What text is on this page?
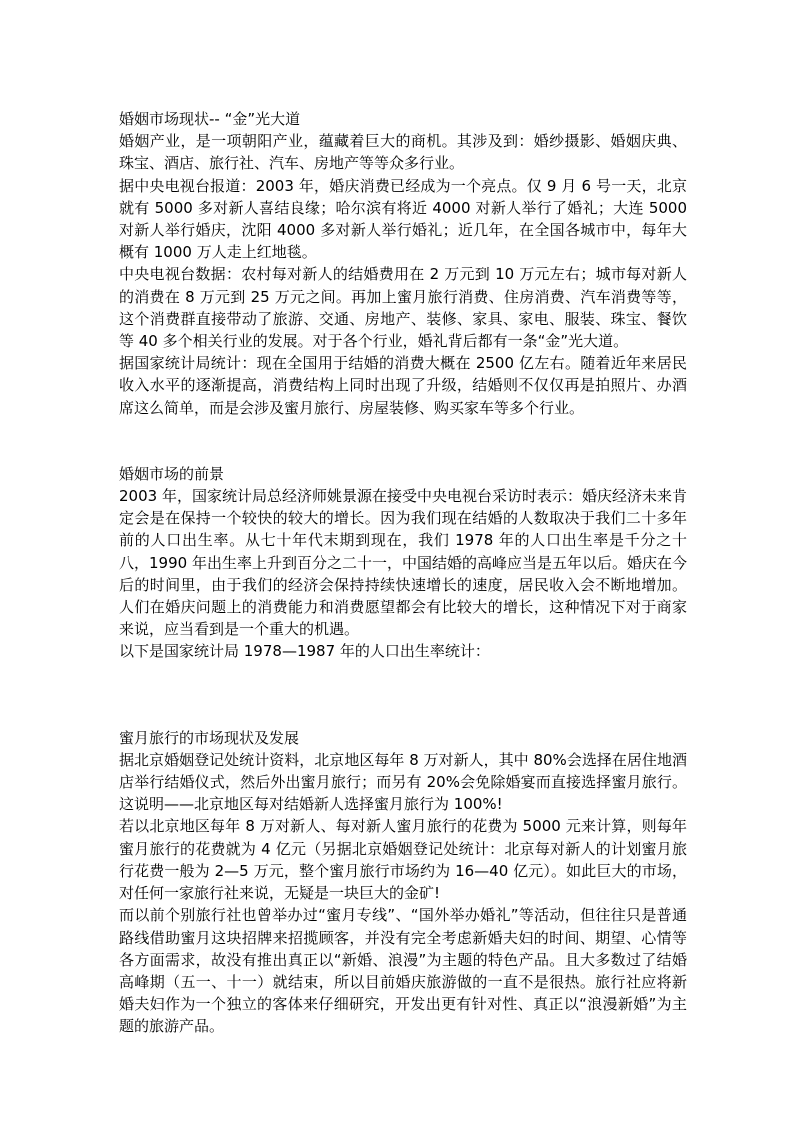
婚姻市场现状-- “金”光大道

婚姻产业，是一项朝阳产业，蕴藏着巨大的商机。其涉及到：婚纱摄影、婚姻庆典、珠宝、酒店、旅行社、汽车、房地产等等众多行业。

据中央电视台报道：2003 年，婚庆消费已经成为一个亮点。仅 9 月 6 号一天，北京就有 5000 多对新人喜结良缘；哈尔滨有将近 4000 对新人举行了婚礼；大连 5000 对新人举行婚庆，沈阳 4000 多对新人举行婚礼；近几年，在全国各城市中，每年大概有 1000 万人走上红地毯。

中央电视台数据：农村每对新人的结婚费用在 2 万元到 10 万元左右；城市每对新人的消费在 8 万元到 25 万元之间。再加上蜜月旅行消费、住房消费、汽车消费等等，这个消费群直接带动了旅游、交通、房地产、装修、家具、家电、服装、珠宝、餐饮等 40 多个相关行业的发展。对于各个行业，婚礼背后都有一条“金”光大道。

据国家统计局统计：现在全国用于结婚的消费大概在 2500 亿左右。随着近年来居民收入水平的逐渐提高，消费结构上同时出现了升级，结婚则不仅仅再是拍照片、办酒席这么简单，而是会涉及蜜月旅行、房屋装修、购买家车等多个行业。

婚姻市场的前景

2003 年，国家统计局总经济师姚景源在接受中央电视台采访时表示：婚庆经济未来肯定会是在保持一个较快的较大的增长。因为我们现在结婚的人数取决于我们二十多年前的人口出生率。从七十年代末期到现在，我们 1978 年的人口出生率是千分之十八，1990 年出生率上升到百分之二十一，中国结婚的高峰应当是五年以后。婚庆在今后的时间里，由于我们的经济会保持持续快速增长的速度，居民收入会不断地增加。人们在婚庆问题上的消费能力和消费愿望都会有比较大的增长，这种情况下对于商家来说，应当看到是一个重大的机遇。

以下是国家统计局 1978—1987 年的人口出生率统计：

蜜月旅行的市场现状及发展

据北京婚姻登记处统计资料，北京地区每年 8 万对新人，其中 80%会选择在居住地酒店举行结婚仪式，然后外出蜜月旅行；而另有 20%会免除婚宴而直接选择蜜月旅行。这说明——北京地区每对结婚新人选择蜜月旅行为 100%!

若以北京地区每年 8 万对新人、每对新人蜜月旅行的花费为 5000 元来计算，则每年蜜月旅行的花费就为 4 亿元（另据北京婚姻登记处统计：北京每对新人的计划蜜月旅行花费一般为 2—5 万元，整个蜜月旅行市场约为 16—40 亿元）。如此巨大的市场，对任何一家旅行社来说，无疑是一块巨大的金矿!

而以前个别旅行社也曾举办过“蜜月专线”、“国外举办婚礼”等活动，但往往只是普通路线借助蜜月这块招牌来招揽顾客，并没有完全考虑新婚夫妇的时间、期望、心情等各方面需求，故没有推出真正以“新婚、浪漫”为主题的特色产品。且大多数过了结婚高峰期（五一、十一）就结束，所以目前婚庆旅游做的一直不是很热。旅行社应将新婚夫妇作为一个独立的客体来仔细研究，开发出更有针对性、真正以“浪漫新婚”为主题的旅游产品。
